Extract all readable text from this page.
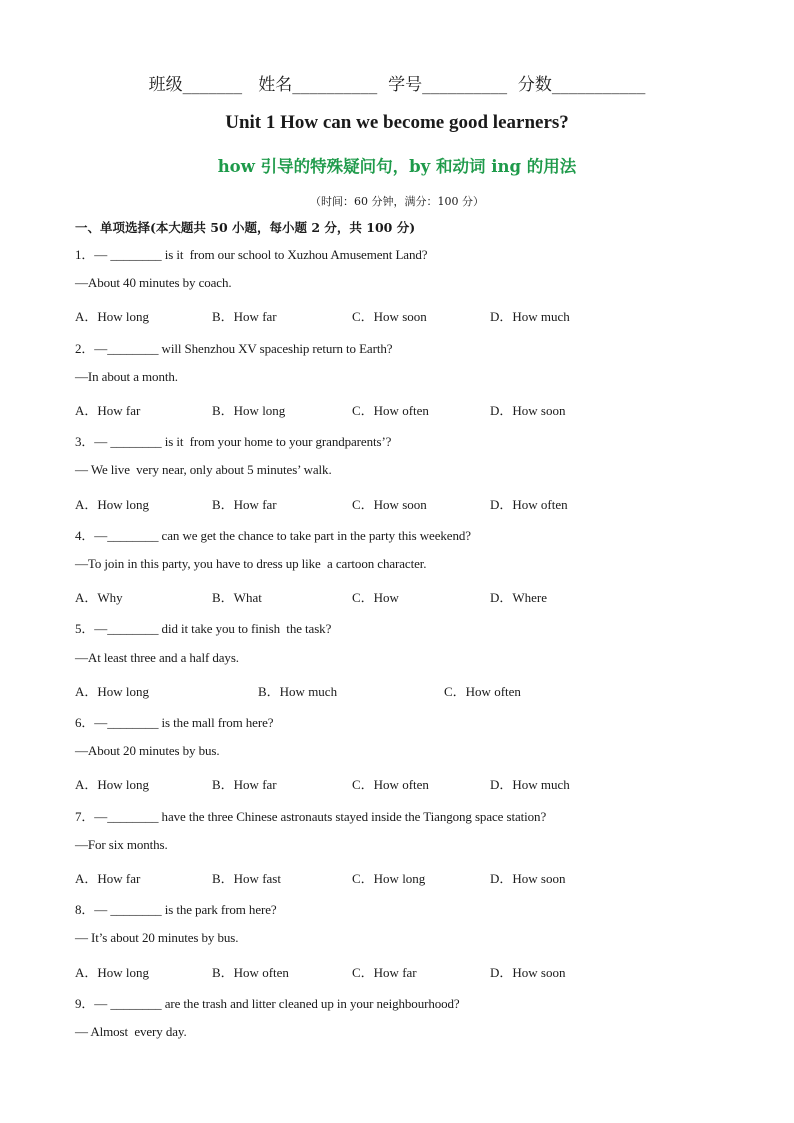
班级_______   姓名__________  学号__________  分数___________
Unit 1 How can we become good learners?
how 引导的特殊疑问句，by 和动词 ing 的用法
（时间：60 分钟，满分：100 分）
一、单项选择(本大题共 50 小题，每小题 2 分，共 100 分)
1．— ________ is it  from our school to Xuzhou Amusement Land?
—About 40 minutes by coach.
A．How long	B．How far	C．How soon	D．How much
2．—________ will Shenzhou XV spaceship return to Earth?
—In about a month.
A．How far	B．How long	C．How often	D．How soon
3．— ________ is it  from your home to your grandparents’?
— We live  very near, only about 5 minutes’ walk.
A．How long	B．How far	C．How soon	D．How often
4．—________ can we get the chance to take part in the party this weekend?
—To join in this party, you have to dress up like  a cartoon character.
A．Why	B．What	C．How	D．Where
5．—________ did it take you to finish  the task?
—At least three and a half days.
A．How long	B．How much	C．How often
6．—________ is the mall from here?
—About 20 minutes by bus.
A．How long	B．How far	C．How often	D．How much
7．—________ have the three Chinese astronauts stayed inside the Tiangong space station?
—For six months.
A．How far	B．How fast	C．How long	D．How soon
8．— ________ is the park from here?
— It’s about 20 minutes by bus.
A．How long	B．How often	C．How far	D．How soon
9．— ________ are the trash and litter cleaned up in your neighbourhood?
— Almost  every day.
